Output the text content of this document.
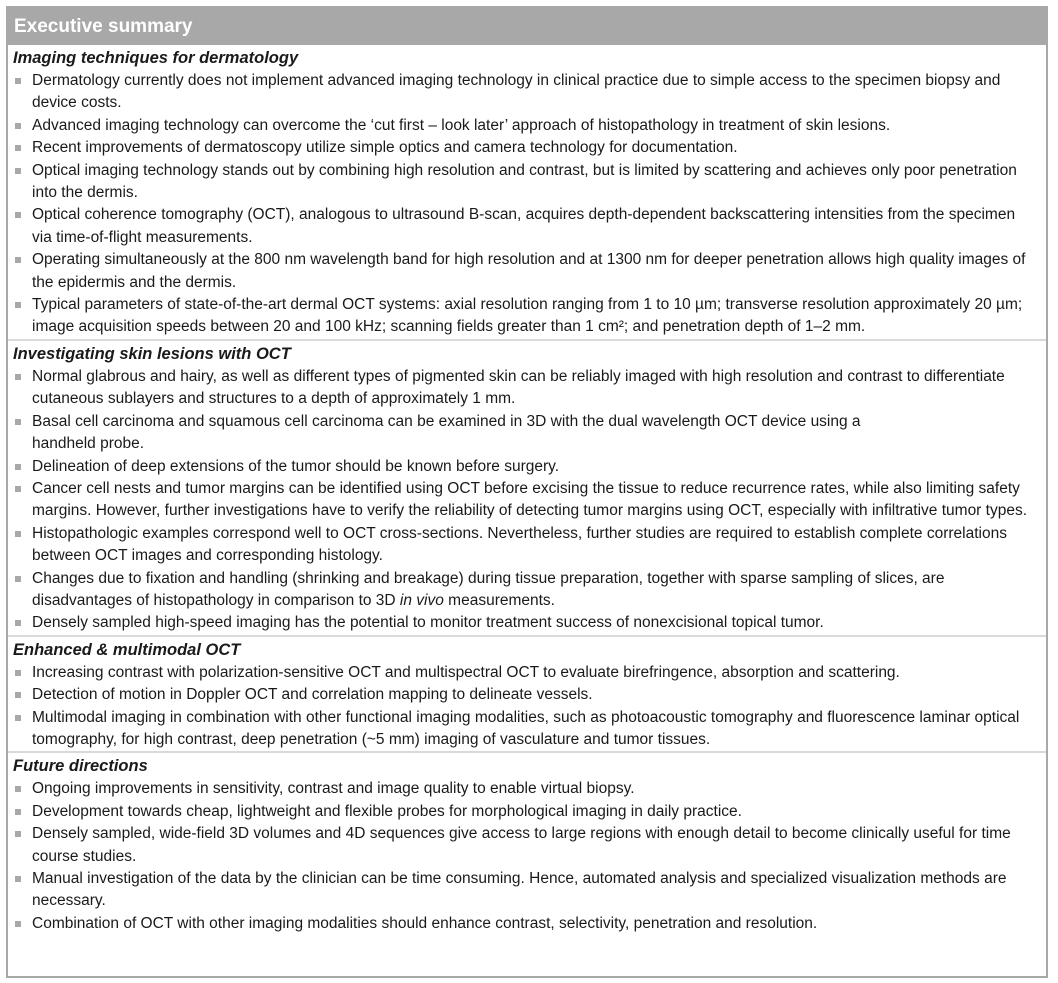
Executive summary
Imaging techniques for dermatology
Dermatology currently does not implement advanced imaging technology in clinical practice due to simple access to the specimen biopsy and device costs.
Advanced imaging technology can overcome the ‘cut first – look later’ approach of histopathology in treatment of skin lesions.
Recent improvements of dermatoscopy utilize simple optics and camera technology for documentation.
Optical imaging technology stands out by combining high resolution and contrast, but is limited by scattering and achieves only poor penetration into the dermis.
Optical coherence tomography (OCT), analogous to ultrasound B-scan, acquires depth-dependent backscattering intensities from the specimen via time-of-flight measurements.
Operating simultaneously at the 800 nm wavelength band for high resolution and at 1300 nm for deeper penetration allows high quality images of the epidermis and the dermis.
Typical parameters of state-of-the-art dermal OCT systems: axial resolution ranging from 1 to 10 µm; transverse resolution approximately 20 µm; image acquisition speeds between 20 and 100 kHz; scanning fields greater than 1 cm²; and penetration depth of 1–2 mm.
Investigating skin lesions with OCT
Normal glabrous and hairy, as well as different types of pigmented skin can be reliably imaged with high resolution and contrast to differentiate cutaneous sublayers and structures to a depth of approximately 1 mm.
Basal cell carcinoma and squamous cell carcinoma can be examined in 3D with the dual wavelength OCT device using a
handheld probe.
Delineation of deep extensions of the tumor should be known before surgery.
Cancer cell nests and tumor margins can be identified using OCT before excising the tissue to reduce recurrence rates, while also limiting safety margins. However, further investigations have to verify the reliability of detecting tumor margins using OCT, especially with infiltrative tumor types.
Histopathologic examples correspond well to OCT cross-sections. Nevertheless, further studies are required to establish complete correlations between OCT images and corresponding histology.
Changes due to fixation and handling (shrinking and breakage) during tissue preparation, together with sparse sampling of slices, are disadvantages of histopathology in comparison to 3D in vivo measurements.
Densely sampled high-speed imaging has the potential to monitor treatment success of nonexcisional topical tumor.
Enhanced & multimodal OCT
Increasing contrast with polarization-sensitive OCT and multispectral OCT to evaluate birefringence, absorption and scattering.
Detection of motion in Doppler OCT and correlation mapping to delineate vessels.
Multimodal imaging in combination with other functional imaging modalities, such as photoacoustic tomography and fluorescence laminar optical tomography, for high contrast, deep penetration (~5 mm) imaging of vasculature and tumor tissues.
Future directions
Ongoing improvements in sensitivity, contrast and image quality to enable virtual biopsy.
Development towards cheap, lightweight and flexible probes for morphological imaging in daily practice.
Densely sampled, wide-field 3D volumes and 4D sequences give access to large regions with enough detail to become clinically useful for time course studies.
Manual investigation of the data by the clinician can be time consuming. Hence, automated analysis and specialized visualization methods are necessary.
Combination of OCT with other imaging modalities should enhance contrast, selectivity, penetration and resolution.
